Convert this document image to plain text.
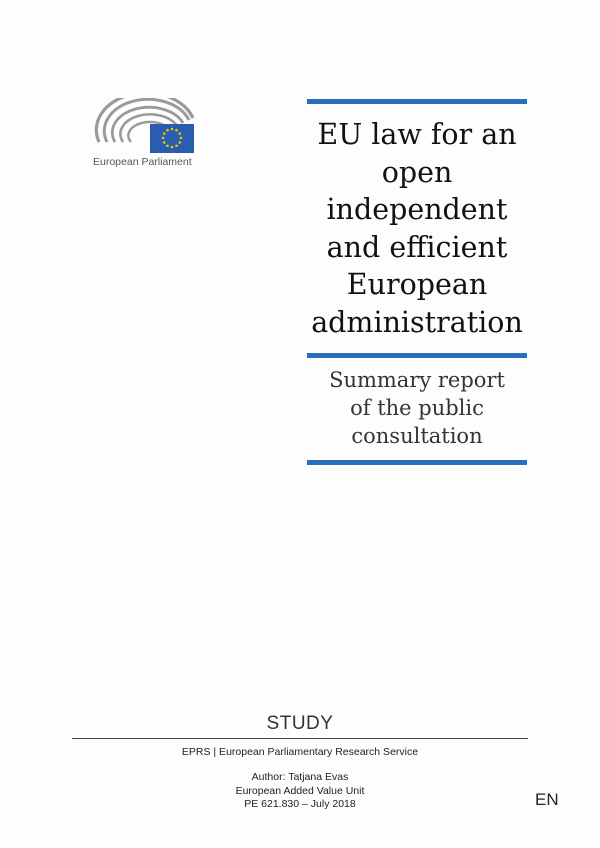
European Parliament
EU law for an
open
independent
and efficient
European
administration
Summary report
of the public
consultation
STUDY
EPRS | European Parliamentary Research Service
Author: Tatjana Evas
European Added Value Unit
PE 621.830 – July 2018	EN
